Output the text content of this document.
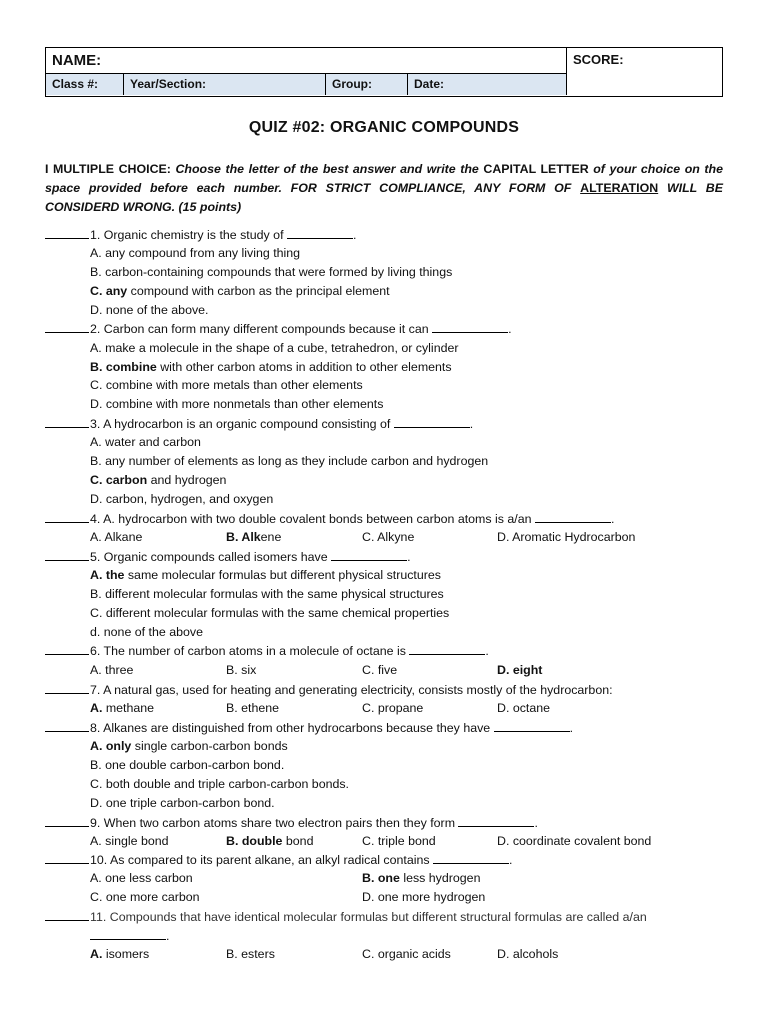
NAME:	SCORE:
Class #:	Year/Section:	Group:	Date:
QUIZ #02: ORGANIC COMPOUNDS
I MULTIPLE CHOICE: Choose the letter of the best answer and write the CAPITAL LETTER of your choice on the space provided before each number. FOR STRICT COMPLIANCE, ANY FORM OF ALTERATION WILL BE CONSIDERD WRONG. (15 points)
1. Organic chemistry is the study of	.
A. any compound from any living thing
B. carbon-containing compounds that were formed by living things
C. any compound with carbon as the principal element
D. none of the above.
2. Carbon can form many different compounds because it can	.
A. make a molecule in the shape of a cube, tetrahedron, or cylinder
B. combine with other carbon atoms in addition to other elements
C. combine with more metals than other elements
D. combine with more nonmetals than other elements
3. A hydrocarbon is an organic compound consisting of	.
A. water and carbon
B. any number of elements as long as they include carbon and hydrogen
C. carbon and hydrogen
D. carbon, hydrogen, and oxygen
4. A. hydrocarbon with two double covalent bonds between carbon atoms is a/an	.
A. Alkane	B. Alkene	C. Alkyne	D. Aromatic Hydrocarbon
5. Organic compounds called isomers have	.
A. the same molecular formulas but different physical structures
B. different molecular formulas with the same physical structures
C. different molecular formulas with the same chemical properties
d. none of the above
6. The number of carbon atoms in a molecule of octane is	.
A. three	B. six	C. five	D. eight
7. A natural gas, used for heating and generating electricity, consists mostly of the hydrocarbon:
A. methane	B. ethene	C. propane	D. octane
8. Alkanes are distinguished from other hydrocarbons because they have	.
A. only single carbon-carbon bonds
B. one double carbon-carbon bond.
C. both double and triple carbon-carbon bonds.
D. one triple carbon-carbon bond.
9. When two carbon atoms share two electron pairs then they form	.
A. single bond	B. double bond	C. triple bond	D. coordinate covalent bond
10. As compared to its parent alkane, an alkyl radical contains	.
A. one less carbon	B. one less hydrogen
C. one more carbon	D. one more hydrogen
11. Compounds that have identical molecular formulas but different structural formulas are called a/an
.
A. isomers	B. esters	C. organic acids	D. alcohols
